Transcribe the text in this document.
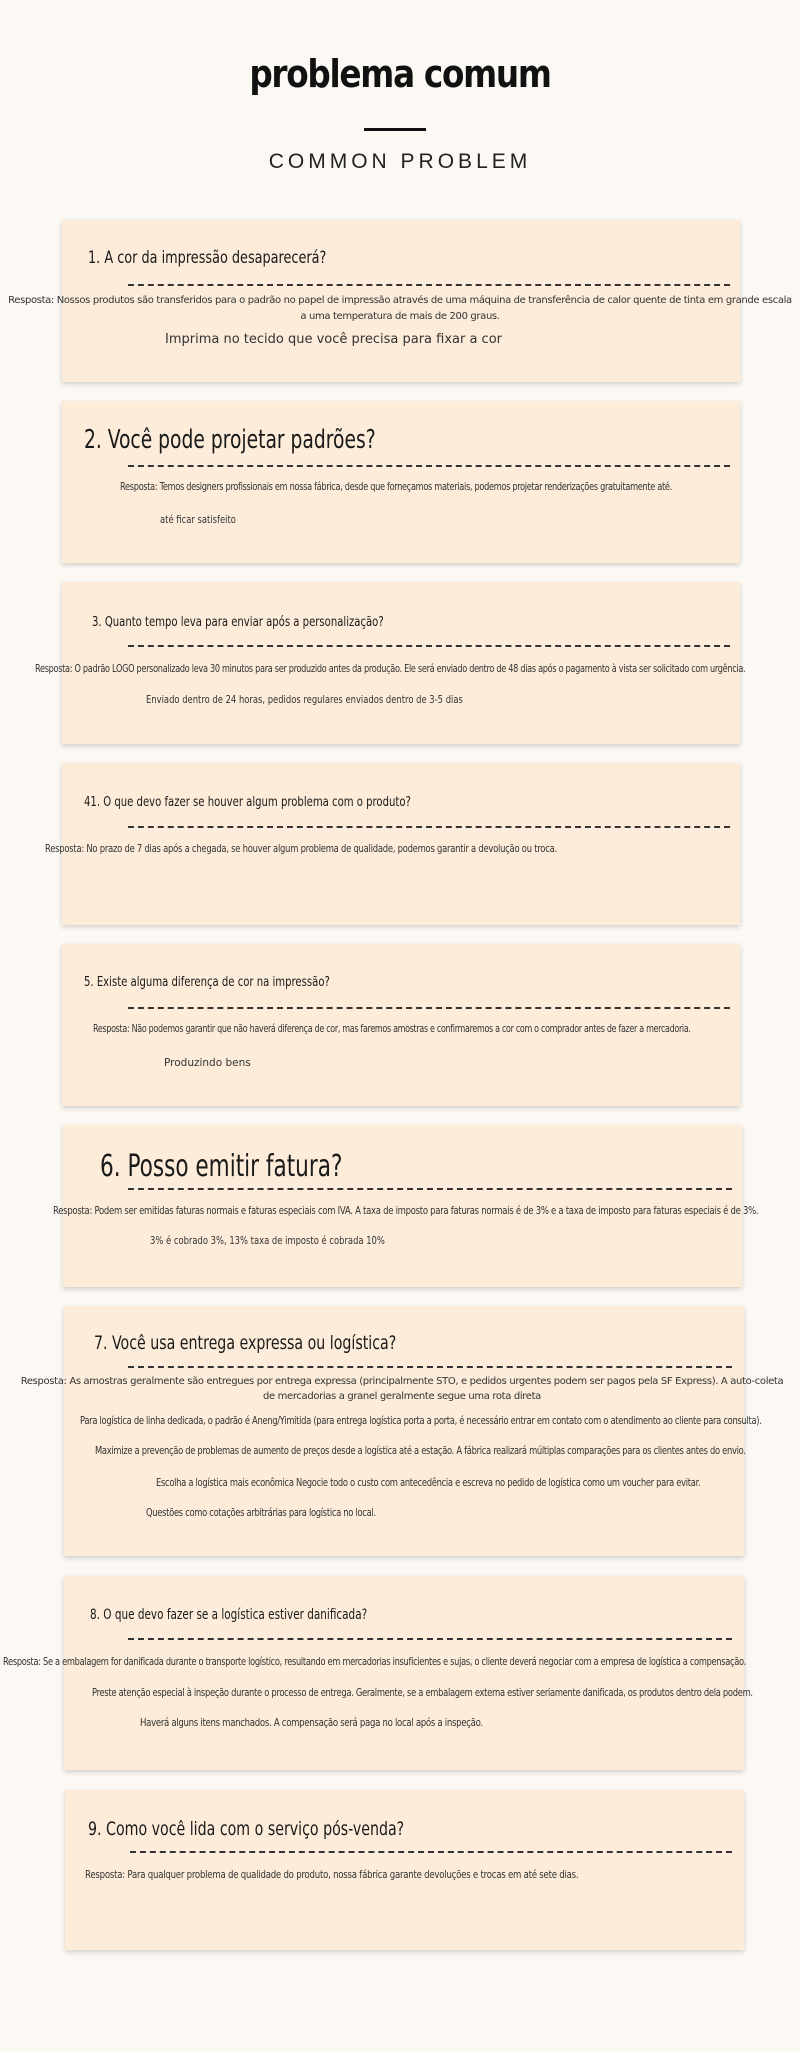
problema comum
COMMON PROBLEM
1. A cor da impressão desaparecerá?
Resposta: Nossos produtos são transferidos para o padrão no papel de impressão através de uma máquina de transferência de calor quente de tinta em grande escala a uma temperatura de mais de 200 graus.
Imprima no tecido que você precisa para fixar a cor
2. Você pode projetar padrões?
Resposta: Temos designers profissionais em nossa fábrica, desde que forneçamos materiais, podemos projetar renderizações gratuitamente até.
até ficar satisfeito
3. Quanto tempo leva para enviar após a personalização?
Resposta: O padrão LOGO personalizado leva 30 minutos para ser produzido antes da produção. Ele será enviado dentro de 48 dias após o pagamento à vista ser solicitado com urgência.
Enviado dentro de 24 horas, pedidos regulares enviados dentro de 3-5 dias
41. O que devo fazer se houver algum problema com o produto?
Resposta: No prazo de 7 dias após a chegada, se houver algum problema de qualidade, podemos garantir a devolução ou troca.
5. Existe alguma diferença de cor na impressão?
Resposta: Não podemos garantir que não haverá diferença de cor, mas faremos amostras e confirmaremos a cor com o comprador antes de fazer a mercadoria.
Produzindo bens
6. Posso emitir fatura?
Resposta: Podem ser emitidas faturas normais e faturas especiais com IVA. A taxa de imposto para faturas normais é de 3% e a taxa de imposto para faturas especiais é de 3%.
3% é cobrado 3%, 13% taxa de imposto é cobrada 10%
7. Você usa entrega expressa ou logística?
Resposta: As amostras geralmente são entregues por entrega expressa (principalmente STO, e pedidos urgentes podem ser pagos pela SF Express). A auto-coleta de mercadorias a granel geralmente segue uma rota direta
Para logística de linha dedicada, o padrão é Aneng/Yimitida (para entrega logística porta a porta, é necessário entrar em contato com o atendimento ao cliente para consulta).
Maximize a prevenção de problemas de aumento de preços desde a logística até a estação. A fábrica realizará múltiplas comparações para os clientes antes do envio.
Escolha a logística mais econômica Negocie todo o custo com antecedência e escreva no pedido de logística como um voucher para evitar.
Questões como cotações arbitrárias para logística no local.
8. O que devo fazer se a logística estiver danificada?
Resposta: Se a embalagem for danificada durante o transporte logístico, resultando em mercadorias insuficientes e sujas, o cliente deverá negociar com a empresa de logística a compensação.
Preste atenção especial à inspeção durante o processo de entrega. Geralmente, se a embalagem externa estiver seriamente danificada, os produtos dentro dela podem.
Haverá alguns itens manchados. A compensação será paga no local após a inspeção.
9. Como você lida com o serviço pós-venda?
Resposta: Para qualquer problema de qualidade do produto, nossa fábrica garante devoluções e trocas em até sete dias.
